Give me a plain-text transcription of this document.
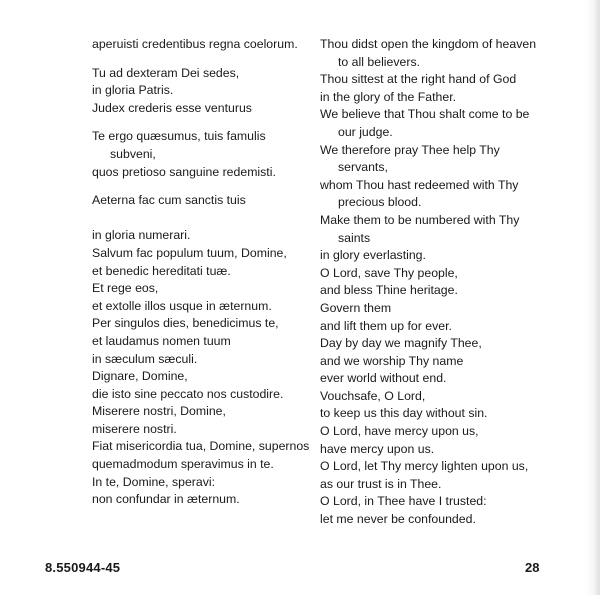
aperuisti credentibus regna coelorum.
Tu ad dexteram Dei sedes,
in gloria Patris.
Judex crederis esse venturus
Te ergo quæsumus, tuis famulis
subveni,
quos pretioso sanguine redemisti.
Aeterna fac cum sanctis tuis
in gloria numerari.
Salvum fac populum tuum, Domine,
et benedic hereditati tuæ.
Et rege eos,
et extolle illos usque in æternum.
Per singulos dies, benedicimus te,
et laudamus nomen tuum
in sæculum sæculi.
Dignare, Domine,
die isto sine peccato nos custodire.
Miserere nostri, Domine,
miserere nostri.
Fiat misericordia tua, Domine, supernos
quemadmodum speravimus in te.
In te, Domine, speravi:
non confundar in æternum.
Thou didst open the kingdom of heaven
to all believers.
Thou sittest at the right hand of God
in the glory of the Father.
We believe that Thou shalt come to be
our judge.
We therefore pray Thee help Thy
servants,
whom Thou hast redeemed with Thy
precious blood.
Make them to be numbered with Thy
saints
in glory everlasting.
O Lord, save Thy people,
and bless Thine heritage.
Govern them
and lift them up for ever.
Day by day we magnify Thee,
and we worship Thy name
ever world without end.
Vouchsafe, O Lord,
to keep us this day without sin.
O Lord, have mercy upon us,
have mercy upon us.
O Lord, let Thy mercy lighten upon us,
as our trust is in Thee.
O Lord, in Thee have I trusted:
let me never be confounded.
8.550944-45	28
